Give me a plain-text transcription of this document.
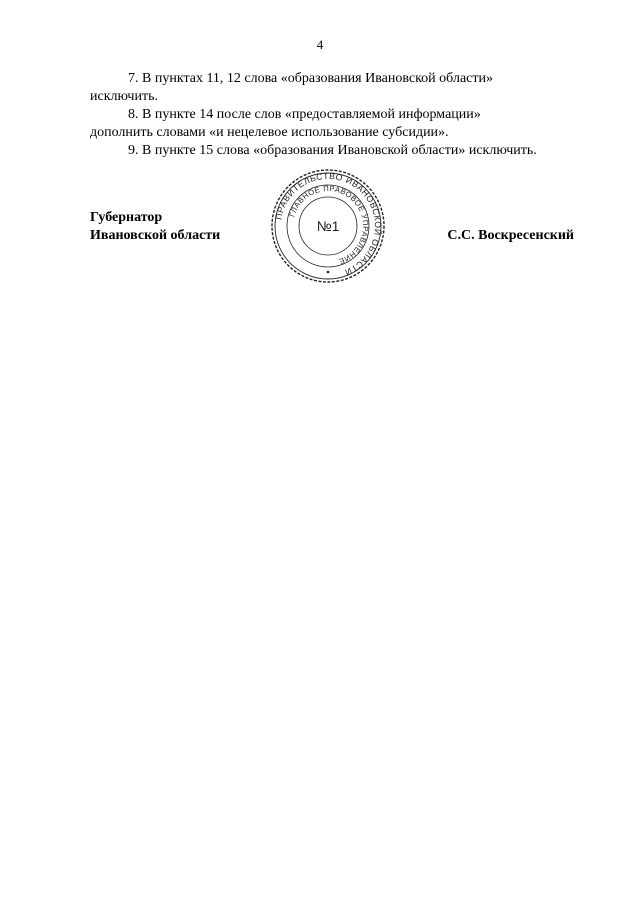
4

7. В пунктах 11, 12 слова «образования Ивановской области»
исключить.

8. В пункте 14 после слов «предоставляемой информации»
дополнить словами «и нецелевое использование субсидии».

9. В пункте 15 слова «образования Ивановской области» исключить.

Губернатор
Ивановской области
ПРАВИТЕЛЬСТВО ИВАНОВСКОЙ ОБЛАСТИ
ГЛАВНОЕ ПРАВОВОЕ УПРАВЛЕНИЕ
№1
С.С. Воскресенский
